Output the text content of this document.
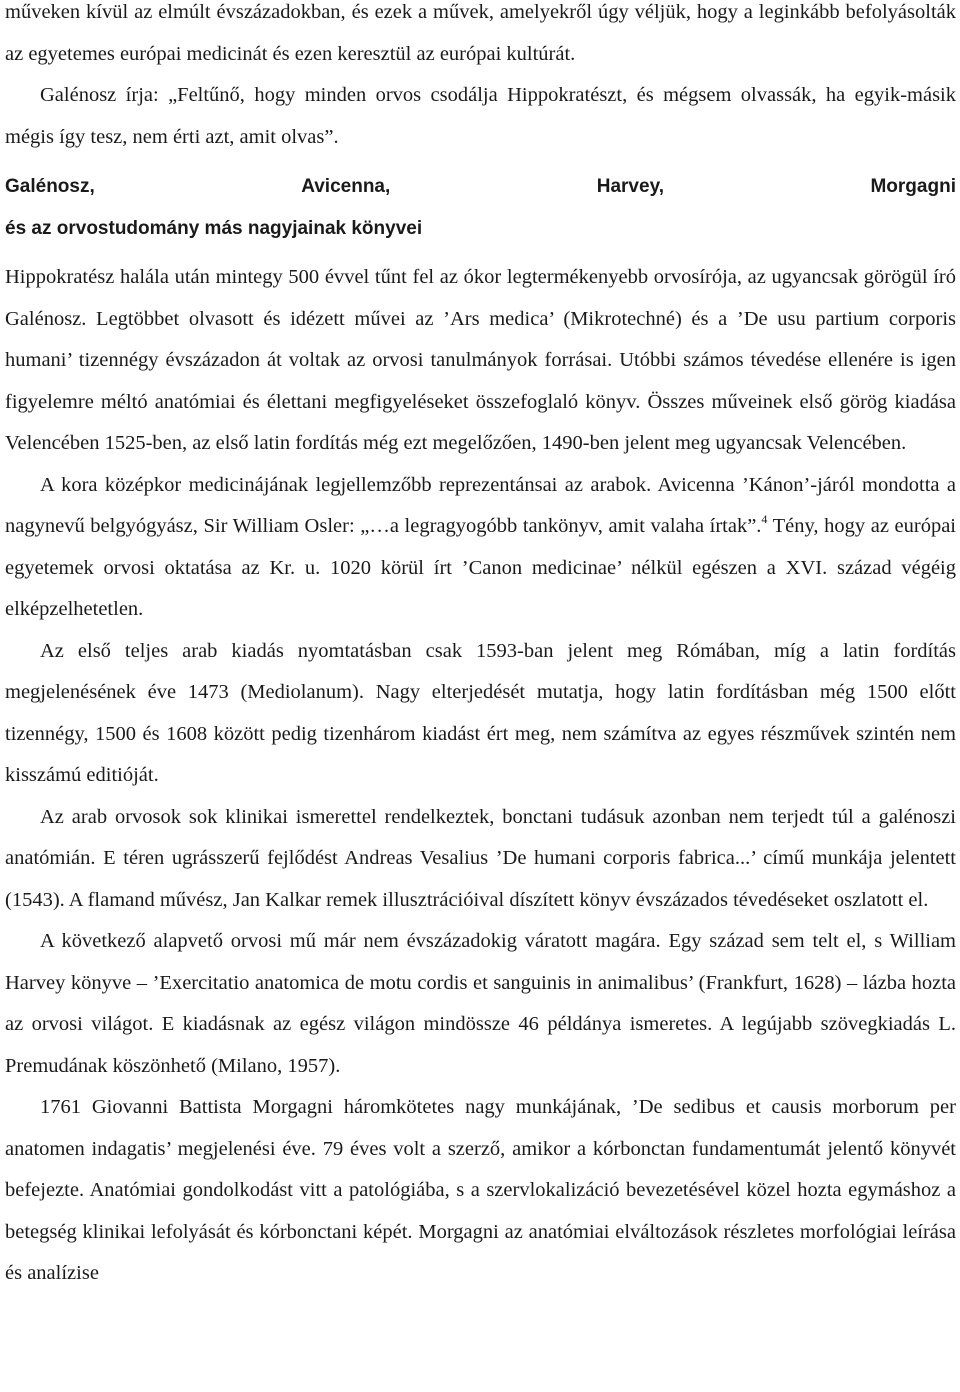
műveken kívül az elmúlt évszázadokban, és ezek a művek, amelyekről úgy véljük, hogy a leginkább befolyásolták az egyetemes európai medicinát és ezen keresztül az európai kultúrát.

Galénosz írja: „Feltűnő, hogy minden orvos csodálja Hippokratészt, és mégsem olvassák, ha egyik-másik mégis így tesz, nem érti azt, amit olvas”.

Galénosz,	Avicenna,	Harvey,	Morgagni
és az orvostudomány más nagyjainak könyvei

Hippokratész halála után mintegy 500 évvel tűnt fel az ókor legtermékenyebb orvosírója, az ugyancsak görögül író Galénosz. Legtöbbet olvasott és idézett művei az ’Ars medica’ (Mikrotechné) és a ’De usu partium corporis humani’ tizennégy évszázadon át voltak az orvosi tanulmányok forrásai. Utóbbi számos tévedése ellenére is igen figyelemre méltó anatómiai és élettani megfigyeléseket összefoglaló könyv. Összes műveinek első görög kiadása Velencében 1525-ben, az első latin fordítás még ezt megelőzően, 1490-ben jelent meg ugyancsak Velencében.

A kora középkor medicinájának legjellemzőbb reprezentánsai az arabok. Avicenna ’Kánon’-járól mondotta a nagynevű belgyógyász, Sir William Osler: „…a legragyogóbb tankönyv, amit valaha írtak”.$^4$ Tény, hogy az európai egyetemek orvosi oktatása az Kr. u. 1020 körül írt ’Canon medicinae’ nélkül egészen a XVI. század végéig elképzelhetetlen.

Az első teljes arab kiadás nyomtatásban csak 1593-ban jelent meg Rómában, míg a latin fordítás megjelenésének éve 1473 (Mediolanum). Nagy elterjedését mutatja, hogy latin fordításban még 1500 előtt tizennégy, 1500 és 1608 között pedig tizenhárom kiadást ért meg, nem számítva az egyes részművek szintén nem kisszámú editióját.

Az arab orvosok sok klinikai ismerettel rendelkeztek, bonctani tudásuk azonban nem terjedt túl a galénoszi anatómián. E téren ugrásszerű fejlődést Andreas Vesalius ’De humani corporis fabrica...’ című munkája jelentett (1543). A flamand művész, Jan Kalkar remek illusztrációival díszített könyv évszázados tévedéseket oszlatott el.

A következő alapvető orvosi mű már nem évszázadokig váratott magára. Egy század sem telt el, s William Harvey könyve – ’Exercitatio anatomica de motu cordis et sanguinis in animalibus’ (Frankfurt, 1628) – lázba hozta az orvosi világot. E kiadásnak az egész világon mindössze 46 példánya ismeretes. A legújabb szövegkiadás L. Premudának köszönhető (Milano, 1957).

1761 Giovanni Battista Morgagni háromkötetes nagy munkájának, ’De sedibus et causis morborum per anatomen indagatis’ megjelenési éve. 79 éves volt a szerző, amikor a kórbonctan fundamentumát jelentő könyvét befejezte. Anatómiai gondolkodást vitt a patológiába, s a szervlokalizáció bevezetésével közel hozta egymáshoz a betegség klinikai lefolyását és kórbonctani képét. Morgagni az anatómiai elváltozások részletes morfológiai leírása és analízise
